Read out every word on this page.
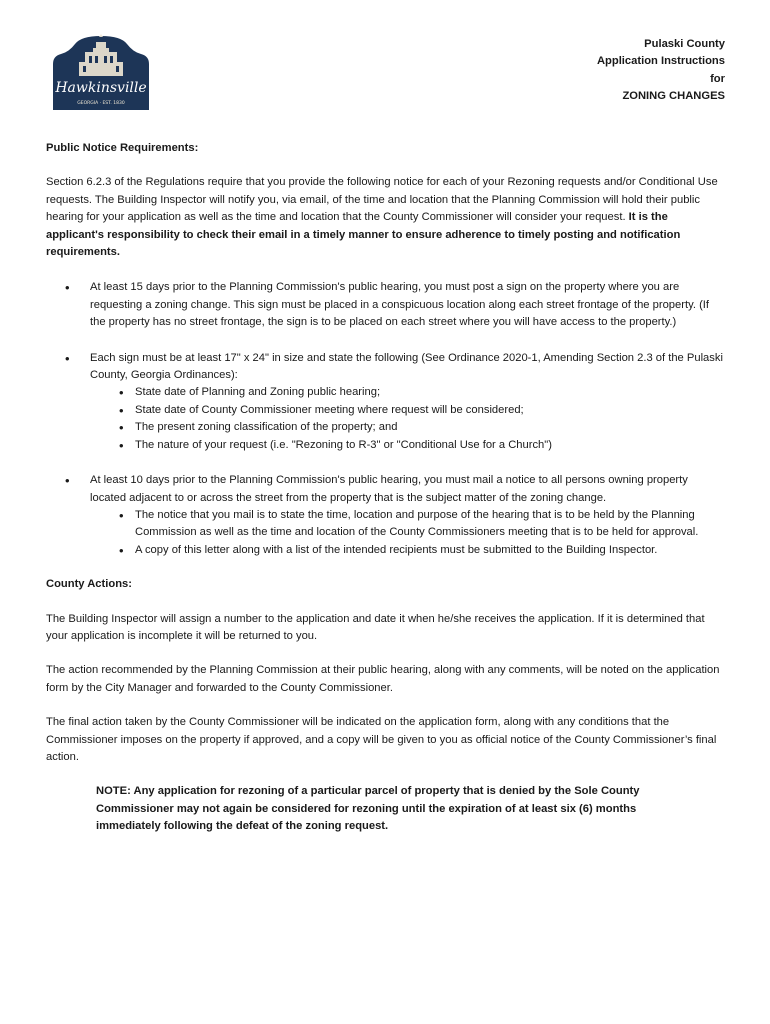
Hawkinsville
GEORGIA · EST. 1830
Pulaski County
Application Instructions
for
ZONING CHANGES
Public Notice Requirements:

Section 6.2.3 of the Regulations require that you provide the following notice for each of your Rezoning requests and/or Conditional Use requests. The Building Inspector will notify you, via email, of the time and location that the Planning Commission will hold their public hearing for your application as well as the time and location that the County Commissioner will consider your request. It is the applicant's responsibility to check their email in a timely manner to ensure adherence to timely posting and notification requirements.

• At least 15 days prior to the Planning Commission's public hearing, you must post a sign on the property where you are requesting a zoning change. This sign must be placed in a conspicuous location along each street frontage of the property. (If the property has no street frontage, the sign is to be placed on each street where you will have access to the property.)
• Each sign must be at least 17" x 24" in size and state the following (See Ordinance 2020-1, Amending Section 2.3 of the Pulaski County, Georgia Ordinances):
• State date of Planning and Zoning public hearing;
• State date of County Commissioner meeting where request will be considered;
• The present zoning classification of the property; and
• The nature of your request (i.e. "Rezoning to R-3" or "Conditional Use for a Church")
• At least 10 days prior to the Planning Commission's public hearing, you must mail a notice to all persons owning property located adjacent to or across the street from the property that is the subject matter of the zoning change.
• The notice that you mail is to state the time, location and purpose of the hearing that is to be held by the Planning Commission as well as the time and location of the County Commissioners meeting that is to be held for approval.
• A copy of this letter along with a list of the intended recipients must be submitted to the Building Inspector.
County Actions:

The Building Inspector will assign a number to the application and date it when he/she receives the application. If it is determined that your application is incomplete it will be returned to you.

The action recommended by the Planning Commission at their public hearing, along with any comments, will be noted on the application form by the City Manager and forwarded to the County Commissioner.

The final action taken by the County Commissioner will be indicated on the application form, along with any conditions that the Commissioner imposes on the property if approved, and a copy will be given to you as official notice of the County Commissioner’s final action.

NOTE: Any application for rezoning of a particular parcel of property that is denied by the Sole County Commissioner may not again be considered for rezoning until the expiration of at least six (6) months immediately following the defeat of the zoning request.
